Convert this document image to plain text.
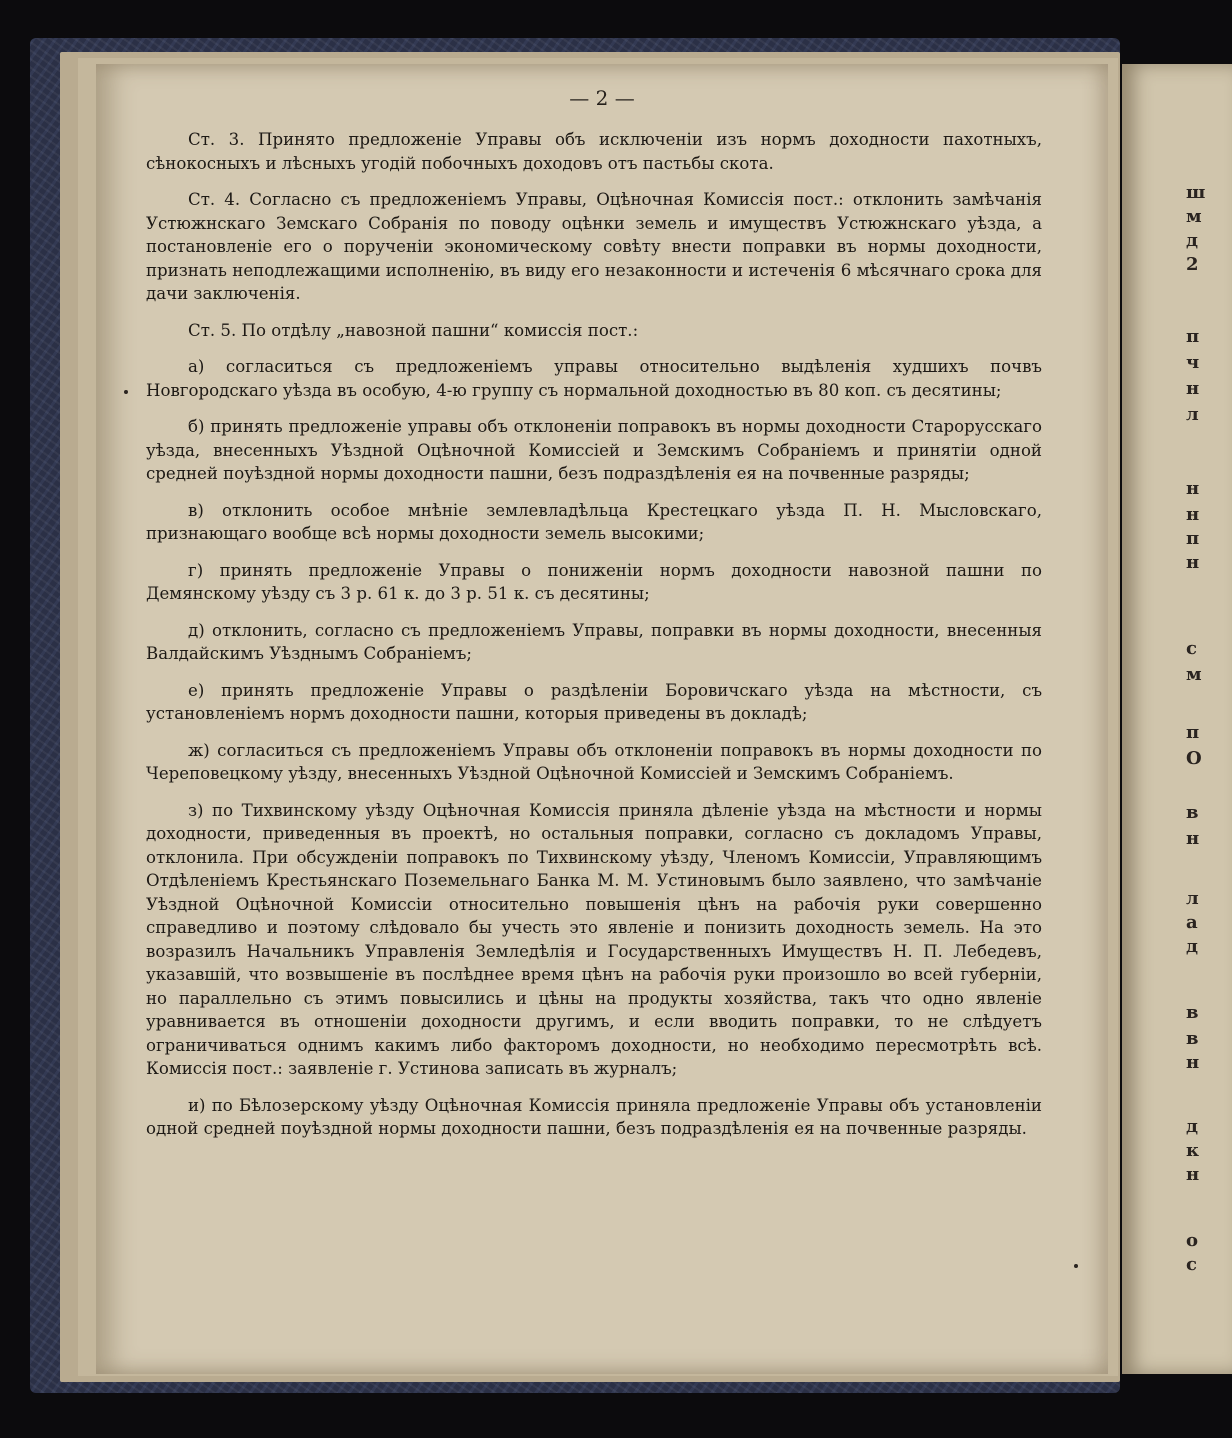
ш
м
д
2
п
ч
н
л
н
н
п
н
с
м
п
О
в
н
л
а
д
в
в
н
д
к
н
о
с
— 2 —

Ст. 3. Принято предложеніе Управы объ исключеніи изъ нормъ доходности пахотныхъ, сѣнокосныхъ и лѣсныхъ угодій побочныхъ доходовъ отъ пастьбы скота.

Ст. 4. Согласно съ предложеніемъ Управы, Оцѣночная Комиссія пост.: отклонить замѣчанія Устюжнскаго Земскаго Собранія по поводу оцѣнки земель и имуществъ Устюжнскаго уѣзда, а постановленіе его о порученіи экономическому совѣту внести поправки въ нормы доходности, признать неподлежащими исполненію, въ виду его незаконности и истеченія 6 мѣсячнаго срока для дачи заключенія.

Ст. 5. По отдѣлу „навозной пашни“ комиссія пост.:

а) согласиться съ предложеніемъ управы относительно выдѣленія худшихъ почвъ Новгородскаго уѣзда въ особую, 4-ю группу съ нормальной доходностью въ 80 коп. съ десятины;

б) принять предложеніе управы объ отклоненіи поправокъ въ нормы доходности Старорусскаго уѣзда, внесенныхъ Уѣздной Оцѣночной Комиссіей и Земскимъ Собраніемъ и принятіи одной средней поуѣздной нормы доходности пашни, безъ подраздѣленія ея на почвенные разряды;

в) отклонить особое мнѣніе землевладѣльца Крестецкаго уѣзда П. Н. Мысловскаго, признающаго вообще всѣ нормы доходности земель высокими;

г) принять предложеніе Управы о пониженіи нормъ доходности навозной пашни по Демянскому уѣзду съ 3 р. 61 к. до 3 р. 51 к. съ десятины;

д) отклонить, согласно съ предложеніемъ Управы, поправки въ нормы доходности, внесенныя Валдайскимъ Уѣзднымъ Собраніемъ;

е) принять предложеніе Управы о раздѣленіи Боровичскаго уѣзда на мѣстности, съ установленіемъ нормъ доходности пашни, которыя приведены въ докладѣ;

ж) согласиться съ предложеніемъ Управы объ отклоненіи поправокъ въ нормы доходности по Череповецкому уѣзду, внесенныхъ Уѣздной Оцѣночной Комиссіей и Земскимъ Собраніемъ.

з) по Тихвинскому уѣзду Оцѣночная Комиссія приняла дѣленіе уѣзда на мѣстности и нормы доходности, приведенныя въ проектѣ, но остальныя поправки, согласно съ докладомъ Управы, отклонила. При обсужденіи поправокъ по Тихвинскому уѣзду, Членомъ Комиссіи, Управляющимъ Отдѣленіемъ Крестьянскаго Поземельнаго Банка М. М. Устиновымъ было заявлено, что замѣчаніе Уѣздной Оцѣночной Комиссіи относительно повышенія цѣнъ на рабочія руки совершенно справедливо и поэтому слѣдовало бы учесть это явленіе и понизить доходность земель. На это возразилъ Начальникъ Управленія Земледѣлія и Государственныхъ Имуществъ Н. П. Лебедевъ, указавшій, что возвышеніе въ послѣднее время цѣнъ на рабочія руки произошло во всей губерніи, но параллельно съ этимъ повысились и цѣны на продукты хозяйства, такъ что одно явленіе уравнивается въ отношеніи доходности другимъ, и если вводить поправки, то не слѣдуетъ ограничиваться однимъ какимъ либо факторомъ доходности, но необходимо пересмотрѣть всѣ. Комиссія пост.: заявленіе г. Устинова записать въ журналъ;

и) по Бѣлозерскому уѣзду Оцѣночная Комиссія приняла предложеніе Управы объ установленіи одной средней поуѣздной нормы доходности пашни, безъ подраздѣленія ея на почвенные разряды.
